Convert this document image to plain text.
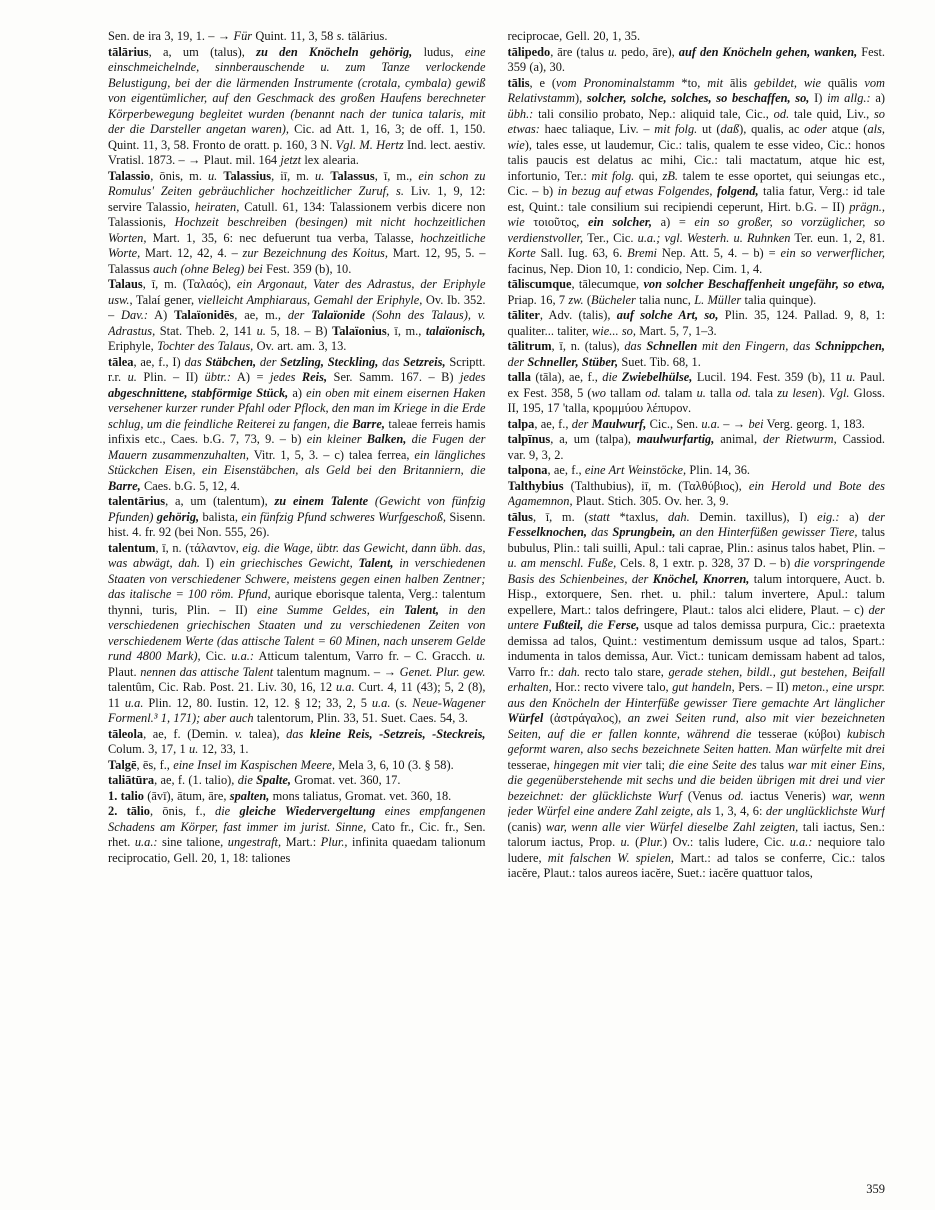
Sen. de ira 3, 19, 1. – → Für Quint. 11, 3, 58 s. tālārius.

tālārius, a, um (talus), zu den Knöcheln gehörig, ludus, eine einschmeichelnde, sinnberauschende u. zum Tanze verlockende Belustigung, bei der die lärmenden Instrumente (crotala, cymbala) gewiß von eigentümlicher, auf den Geschmack des großen Haufens berechneter Körperbewegung begleitet wurden (benannt nach der tunica talaris, mit der die Darsteller angetan waren), Cic. ad Att. 1, 16, 3; de off. 1, 150. Quint. 11, 3, 58. Fronto de oratt. p. 160, 3 N. Vgl. M. Hertz Ind. lect. aestiv. Vratisl. 1873. – → Plaut. mil. 164 jetzt lex alearia.

Talassio, ōnis, m. u. Talassius, iī, m. u. Talassus, ī, m., ein schon zu Romulus' Zeiten gebräuchlicher hochzeitlicher Zuruf, s. Liv. 1, 9, 12: servire Talassio, heiraten, Catull. 61, 134: Talassionem verbis dicere non Talassionis, Hochzeit beschreiben (besingen) mit nicht hochzeitlichen Worten, Mart. 1, 35, 6: nec defuerunt tua verba, Talasse, hochzeitliche Worte, Mart. 12, 42, 4. – zur Bezeichnung des Koitus, Mart. 12, 95, 5. – Talassus auch (ohne Beleg) bei Fest. 359 (b), 10.

Talaus, ī, m. (Ταλαός), ein Argonaut, Vater des Adrastus, der Eriphyle usw., Talaí gener, vielleicht Amphiaraus, Gemahl der Eriphyle, Ov. Ib. 352. – Dav.: A) Talaïonidēs, ae, m., der Talaïonide (Sohn des Talaus), v. Adrastus, Stat. Theb. 2, 141 u. 5, 18. – B) Talaïonius, ī, m., talaïonisch, Eriphyle, Tochter des Talaus, Ov. art. am. 3, 13.

tālea, ae, f., I) das Stäbchen, der Setzling, Steckling, das Setzreis, Scriptt. r.r. u. Plin. – II) übtr.: A) = jedes Reis, Ser. Samm. 167. – B) jedes abgeschnittene, stabförmige Stück, a) ein oben mit einem eisernen Haken versehener kurzer runder Pfahl oder Pflock, den man im Kriege in die Erde schlug, um die feindliche Reiterei zu fangen, die Barre, taleae ferreis hamis infixis etc., Caes. b.G. 7, 73, 9. – b) ein kleiner Balken, die Fugen der Mauern zusammenzuhalten, Vitr. 1, 5, 3. – c) talea ferrea, ein längliches Stückchen Eisen, ein Eisenstäbchen, als Geld bei den Britanniern, die Barre, Caes. b.G. 5, 12, 4.

talentārius, a, um (talentum), zu einem Talente (Gewicht von fünfzig Pfunden) gehörig, balista, ein fünfzig Pfund schweres Wurfgeschoß, Sisenn. hist. 4. fr. 92 (bei Non. 555, 26).

talentum, ī, n. (τάλαντον, eig. die Wage, übtr. das Gewicht, dann übh. das, was abwägt, dah. I) ein griechisches Gewicht, Talent, in verschiedenen Staaten von verschiedener Schwere, meistens gegen einen halben Zentner; das italische = 100 röm. Pfund, aurique eborisque talenta, Verg.: talentum thynni, turis, Plin. – II) eine Summe Geldes, ein Talent, in den verschiedenen griechischen Staaten und zu verschiedenen Zeiten von verschiedenem Werte (das attische Talent = 60 Minen, nach unserem Gelde rund 4800 Mark), Cic. u.a.: Atticum talentum, Varro fr. – C. Gracch. u. Plaut. nennen das attische Talent talentum magnum. – → Genet. Plur. gew. talentûm, Cic. Rab. Post. 21. Liv. 30, 16, 12 u.a. Curt. 4, 11 (43); 5, 2 (8), 11 u.a. Plin. 12, 80. Iustin. 12, 12. § 12; 33, 2, 5 u.a. (s. Neue-Wagener Formenl.³ 1, 171); aber auch talentorum, Plin. 33, 51. Suet. Caes. 54, 3.

tāleola, ae, f. (Demin. v. talea), das kleine Reis, -Setzreis, -Steckreis, Colum. 3, 17, 1 u. 12, 33, 1.

Talgē, ēs, f., eine Insel im Kaspischen Meere, Mela 3, 6, 10 (3. § 58).

taliātūra, ae, f. (1. talio), die Spalte, Gromat. vet. 360, 17.

1. talio (āvī), ātum, āre, spalten, mons taliatus, Gromat. vet. 360, 18.

2. tālio, ōnis, f., die gleiche Wiedervergeltung eines empfangenen Schadens am Körper, fast immer im jurist. Sinne, Cato fr., Cic. fr., Sen. rhet. u.a.: sine talione, ungestraft, Mart.: Plur., infinita quaedam talionum reciprocatio, Gell. 20, 1, 18: taliones

reciprocae, Gell. 20, 1, 35.

tālipedo, āre (talus u. pedo, āre), auf den Knöcheln gehen, wanken, Fest. 359 (a), 30.

tālis, e (vom Pronominalstamm *to, mit ālis gebildet, wie quālis vom Relativstamm), solcher, solche, solches, so beschaffen, so, I) im allg.: a) übh.: tali consilio probato, Nep.: aliquid tale, Cic., od. tale quid, Liv., so etwas: haec taliaque, Liv. – mit folg. ut (daß), qualis, ac oder atque (als, wie), tales esse, ut laudemur, Cic.: talis, qualem te esse video, Cic.: honos talis paucis est delatus ac mihi, Cic.: tali mactatum, atque hic est, infortunio, Ter.: mit folg. qui, zB. talem te esse oportet, qui seiungas etc., Cic. – b) in bezug auf etwas Folgendes, folgend, talia fatur, Verg.: id tale est, Quint.: tale consilium sui recipiendi ceperunt, Hirt. b.G. – II) prägn., wie τοιοῦτος, ein solcher, a) = ein so großer, so vorzüglicher, so verdienstvoller, Ter., Cic. u.a.; vgl. Westerh. u. Ruhnken Ter. eun. 1, 2, 81. Korte Sall. Iug. 63, 6. Bremi Nep. Att. 5, 4. – b) = ein so verwerflicher, facinus, Nep. Dion 10, 1: condicio, Nep. Cim. 1, 4.

tāliscumque, tālecumque, von solcher Beschaffenheit ungefähr, so etwa, Priap. 16, 7 zw. (Bücheler talia nunc, L. Müller talia quinque).

tāliter, Adv. (talis), auf solche Art, so, Plin. 35, 124. Pallad. 9, 8, 1: qualiter... taliter, wie... so, Mart. 5, 7, 1–3.

tālitrum, ī, n. (talus), das Schnellen mit den Fingern, das Schnippchen, der Schneller, Stüber, Suet. Tib. 68, 1.

talla (tāla), ae, f., die Zwiebelhülse, Lucil. 194. Fest. 359 (b), 11 u. Paul. ex Fest. 358, 5 (wo tallam od. talam u. talla od. tala zu lesen). Vgl. Gloss. II, 195, 17 'talla, κρομμύου λέπυρον.

talpa, ae, f., der Maulwurf, Cic., Sen. u.a. – → bei Verg. georg. 1, 183.

talpīnus, a, um (talpa), maulwurfartig, animal, der Rietwurm, Cassiod. var. 9, 3, 2.

talpona, ae, f., eine Art Weinstöcke, Plin. 14, 36.

Talthybius (Talthubius), iī, m. (Ταλθύβιος), ein Herold und Bote des Agamemnon, Plaut. Stich. 305. Ov. her. 3, 9.

tālus, ī, m. (statt *taxlus, dah. Demin. taxillus), I) eig.: a) der Fesselknochen, das Sprungbein, an den Hinterfüßen gewisser Tiere, talus bubulus, Plin.: tali suilli, Apul.: tali caprae, Plin.: asinus talos habet, Plin. – u. am menschl. Fuße, Cels. 8, 1 extr. p. 328, 37 D. – b) die vorspringende Basis des Schienbeines, der Knöchel, Knorren, talum intorquere, Auct. b. Hisp., extorquere, Sen. rhet. u. phil.: talum invertere, Apul.: talum expellere, Mart.: talos defringere, Plaut.: talos alci elidere, Plaut. – c) der untere Fußteil, die Ferse, usque ad talos demissa purpura, Cic.: praetexta demissa ad talos, Quint.: vestimentum demissum usque ad talos, Spart.: indumenta in talos demissa, Aur. Vict.: tunicam demissam habent ad talos, Varro fr.: dah. recto talo stare, gerade stehen, bildl., gut bestehen, Beifall erhalten, Hor.: recto vivere talo, gut handeln, Pers. – II) meton., eine urspr. aus den Knöcheln der Hinterfüße gewisser Tiere gemachte Art länglicher Würfel (ἀστράγαλος), an zwei Seiten rund, also mit vier bezeichneten Seiten, auf die er fallen konnte, während die tesserae (κύβοι) kubisch geformt waren, also sechs bezeichnete Seiten hatten. Man würfelte mit drei tesserae, hingegen mit vier tali; die eine Seite des talus war mit einer Eins, die gegenüberstehende mit sechs und die beiden übrigen mit drei und vier bezeichnet: der glücklichste Wurf (Venus od. iactus Veneris) war, wenn jeder Würfel eine andere Zahl zeigte, als 1, 3, 4, 6: der unglücklichste Wurf (canis) war, wenn alle vier Würfel dieselbe Zahl zeigten, tali iactus, Sen.: talorum iactus, Prop. u. (Plur.) Ov.: talis ludere, Cic. u.a.: nequiore talo ludere, mit falschen W. spielen, Mart.: ad talos se conferre, Cic.: talos iacĕre, Plaut.: talos aureos iacĕre, Suet.: iacĕre quattuor talos,

359
